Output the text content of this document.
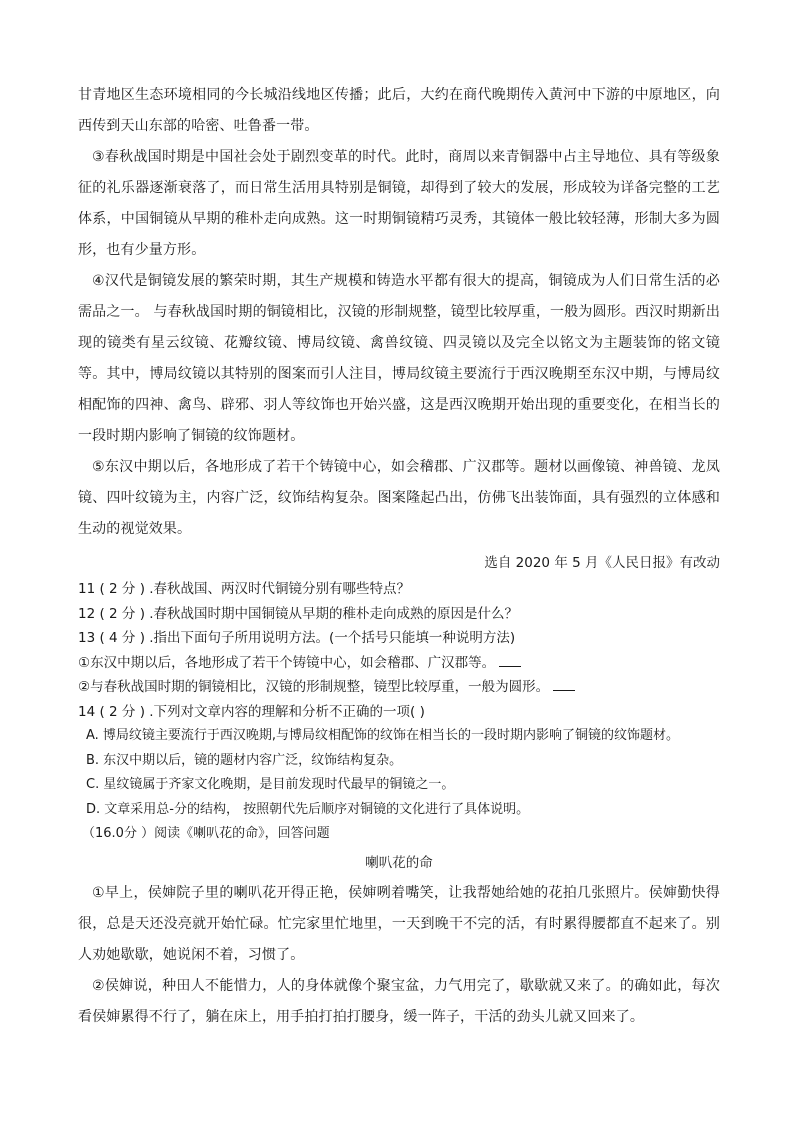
甘青地区生态环境相同的今长城沿线地区传播；此后，大约在商代晚期传入黄河中下游的中原地区，向西传到天山东部的哈密、吐鲁番一带。

③春秋战国时期是中国社会处于剧烈变革的时代。此时，商周以来青铜器中占主导地位、具有等级象征的礼乐器逐渐衰落了，而日常生活用具特别是铜镜，却得到了较大的发展，形成较为详备完整的工艺体系，中国铜镜从早期的稚朴走向成熟。这一时期铜镜精巧灵秀，其镜体一般比较轻薄，形制大多为圆形，也有少量方形。

④汉代是铜镜发展的繁荣时期，其生产规模和铸造水平都有很大的提高，铜镜成为人们日常生活的必需品之一。 与春秋战国时期的铜镜相比，汉镜的形制规整，镜型比较厚重，一般为圆形。西汉时期新出现的镜类有星云纹镜、花瓣纹镜、博局纹镜、禽兽纹镜、四灵镜以及完全以铭文为主题装饰的铭文镜等。其中，博局纹镜以其特别的图案而引人注目，博局纹镜主要流行于西汉晚期至东汉中期，与博局纹相配饰的四神、禽鸟、辟邪、羽人等纹饰也开始兴盛，这是西汉晚期开始出现的重要变化，在相当长的一段时期内影响了铜镜的纹饰题材。

⑤东汉中期以后，各地形成了若干个铸镜中心，如会稽郡、广汉郡等。题材以画像镜、神兽镜、龙凤镜、四叶纹镜为主，内容广泛，纹饰结构复杂。图案隆起凸出，仿佛飞出装饰面，具有强烈的立体感和生动的视觉效果。

选自 2020 年 5 月《人民日报》有改动

11 ( 2 分 ) .春秋战国、两汉时代铜镜分别有哪些特点？

12 ( 2 分 ) .春秋战国时期中国铜镜从早期的稚朴走向成熟的原因是什么？

13 ( 4 分 ) .指出下面句子所用说明方法。(一个括号只能填一种说明方法)

①东汉中期以后，各地形成了若干个铸镜中心，如会稽郡、广汉郡等。

②与春秋战国时期的铜镜相比，汉镜的形制规整，镜型比较厚重，一般为圆形。

14 ( 2 分 ) .下列对文章内容的理解和分析不正确的一项( )

A. 博局纹镜主要流行于西汉晚期,与博局纹相配饰的纹饰在相当长的一段时期内影响了铜镜的纹饰题材。

B. 东汉中期以后，镜的题材内容广泛，纹饰结构复杂。

C. 星纹镜属于齐家文化晚期，是目前发现时代最早的铜镜之一。

D. 文章采用总-分的结构， 按照朝代先后顺序对铜镜的文化进行了具体说明。

（16.0分 ）阅读《喇叭花的命》，回答问题

喇叭花的命

①早上，侯婶院子里的喇叭花开得正艳，侯婶咧着嘴笑，让我帮她给她的花拍几张照片。侯婶勤快得很，总是天还没亮就开始忙碌。忙完家里忙地里，一天到晚干不完的活，有时累得腰都直不起来了。别人劝她歇歇，她说闲不着，习惯了。

②侯婶说，种田人不能惜力，人的身体就像个聚宝盆，力气用完了，歇歇就又来了。的确如此，每次看侯婶累得不行了，躺在床上，用手拍打拍打腰身，缓一阵子，干活的劲头儿就又回来了。
